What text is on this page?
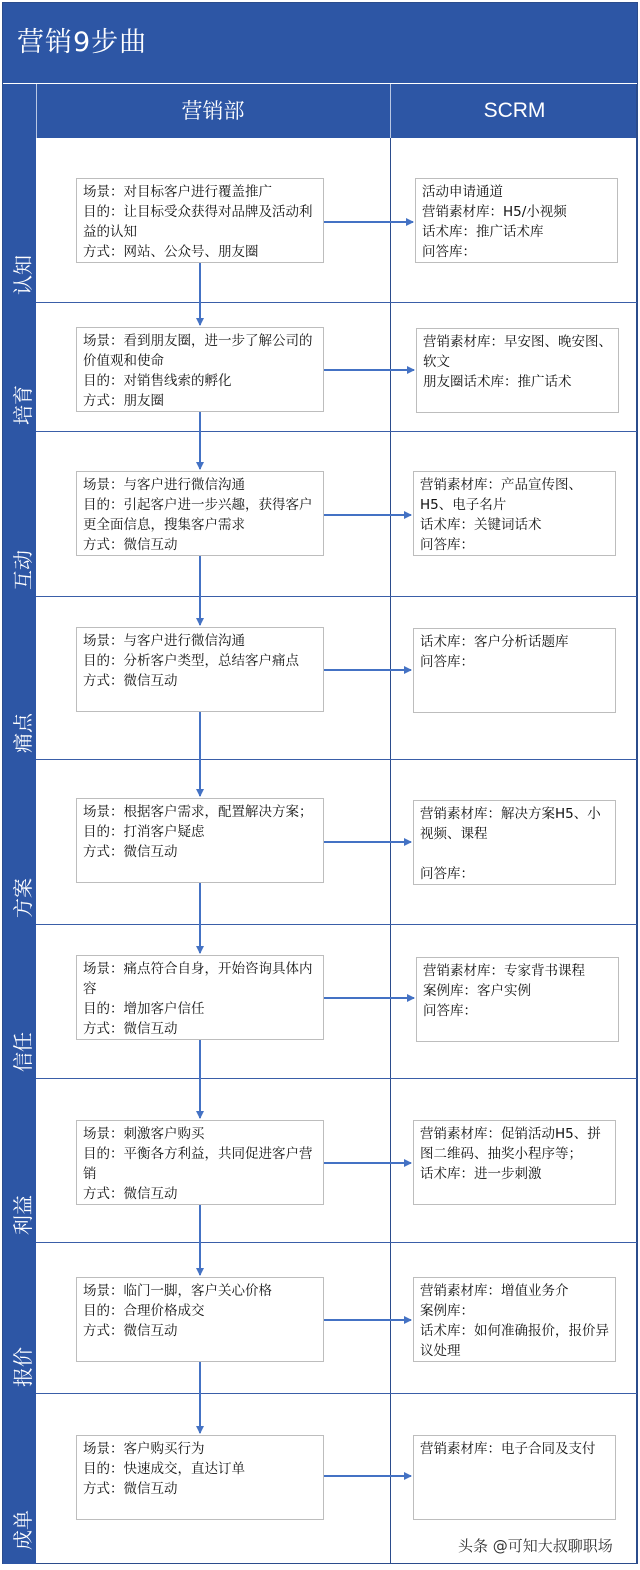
营销9步曲
营销部	SCRM
认知
培育
互动
痛点
方案
信任
利益
报价
成单
场景：对目标客户进行覆盖推广
目的：让目标受众获得对品牌及活动利益的认知
方式：网站、公众号、朋友圈
场景：看到朋友圈，进一步了解公司的价值观和使命
目的：对销售线索的孵化
方式：朋友圈
场景：与客户进行微信沟通
目的：引起客户进一步兴趣，获得客户更全面信息，搜集客户需求
方式：微信互动
场景：与客户进行微信沟通
目的：分析客户类型，总结客户痛点
方式：微信互动
场景：根据客户需求，配置解决方案；
目的：打消客户疑虑
方式：微信互动
场景：痛点符合自身，开始咨询具体内容
目的：增加客户信任
方式：微信互动
场景：刺激客户购买
目的：平衡各方利益，共同促进客户营销
方式：微信互动
场景：临门一脚，客户关心价格
目的：合理价格成交
方式：微信互动
场景：客户购买行为
目的：快速成交，直达订单
方式：微信互动
活动申请通道
营销素材库：H5/小视频
话术库：推广话术库
问答库：
营销素材库：早安图、晚安图、软文
朋友圈话术库：推广话术
营销素材库：产品宣传图、H5、电子名片
话术库：关键词话术
问答库：
话术库：客户分析话题库
问答库：
营销素材库：解决方案H5、小视频、课程

问答库：
营销素材库：专家背书课程
案例库：客户实例
问答库：
营销素材库：促销活动H5、拼图二维码、抽奖小程序等；
话术库：进一步刺激
营销素材库：增值业务介
案例库：
话术库：如何准确报价，报价异议处理
营销素材库：电子合同及支付
头条 @可知大叔聊职场
